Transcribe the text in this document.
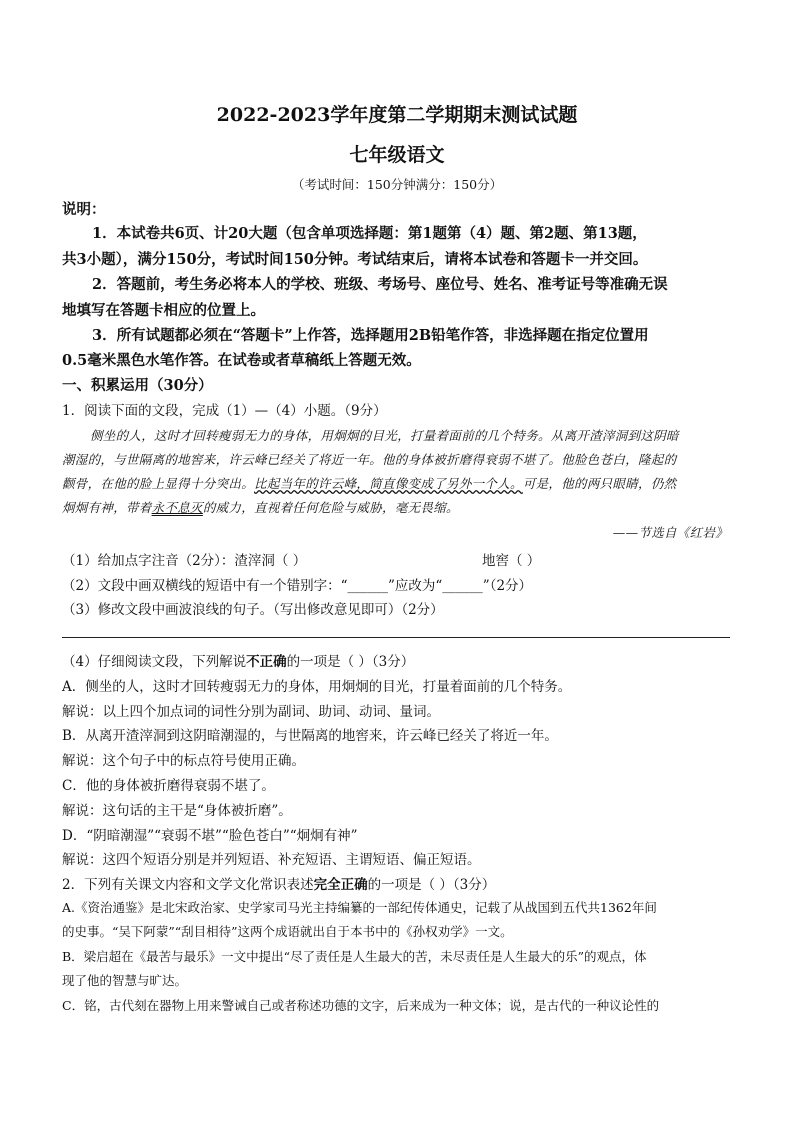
2022-2023学年度第二学期期末测试试题
七年级语文
（考试时间：150分钟满分：150分）
说明：
1．本试卷共6页、计20大题（包含单项选择题：第1题第（4）题、第2题、第13题，
共3小题），满分150分，考试时间150分钟。考试结束后，请将本试卷和答题卡一并交回。
2．答题前，考生务必将本人的学校、班级、考场号、座位号、姓名、准考证号等准确无误
地填写在答题卡相应的位置上。
3．所有试题都必须在“答题卡”上作答，选择题用2B铅笔作答，非选择题在指定位置用
0.5毫米黑色水笔作答。在试卷或者草稿纸上答题无效。
一、积累运用（30分）
1．阅读下面的文段，完成（1）—（4）小题。（9分）
侧坐的人，这时才回转瘦弱无力的身体，用炯炯的目光，打量着面前的几个特务。从离开渣滓洞到这阴暗
潮湿的，与世隔离的地窖来，许云峰已经关了将近一年。他的身体被折磨得衰弱不堪了。他脸色苍白，隆起的
颧骨，在他的脸上显得十分突出。比起当年的许云峰，简直像变成了另外一个人。可是，他的两只眼睛，仍然
炯炯有神，带着永不息灭的威力，直视着任何危险与威胁，毫无畏缩。
——节选自《红岩》
（1）给加点字注音（2分）：渣滓洞（ ）	地窖（ ）
（2）文段中画双横线的短语中有一个错别字：“______”应改为“______”（2分）
（3）修改文段中画波浪线的句子。（写出修改意见即可）（2分）
（4）仔细阅读文段，下列解说不正确的一项是（ ）（3分）
A．侧坐的人，这时才回转瘦弱无力的身体，用炯炯的目光，打量着面前的几个特务。
解说：以上四个加点词的词性分别为副词、助词、动词、量词。
B．从离开渣滓洞到这阴暗潮湿的，与世隔离的地窖来，许云峰已经关了将近一年。
解说：这个句子中的标点符号使用正确。
C．他的身体被折磨得衰弱不堪了。
解说：这句话的主干是“身体被折磨”。
D．“阴暗潮湿”“衰弱不堪”“脸色苍白”“炯炯有神”
解说：这四个短语分别是并列短语、补充短语、主谓短语、偏正短语。
2．下列有关课文内容和文学文化常识表述完全正确的一项是（ ）（3分）
A.《资治通鉴》是北宋政治家、史学家司马光主持编纂的一部纪传体通史，记载了从战国到五代共1362年间
的史事。“吴下阿蒙”“刮目相待”这两个成语就出自于本书中的《孙权劝学》一文。
B．梁启超在《最苦与最乐》一文中提出“尽了责任是人生最大的苦，未尽责任是人生最大的乐”的观点，体
现了他的智慧与旷达。
C．铭，古代刻在器物上用来警诫自己或者称述功德的文字，后来成为一种文体；说，是古代的一种议论性的
